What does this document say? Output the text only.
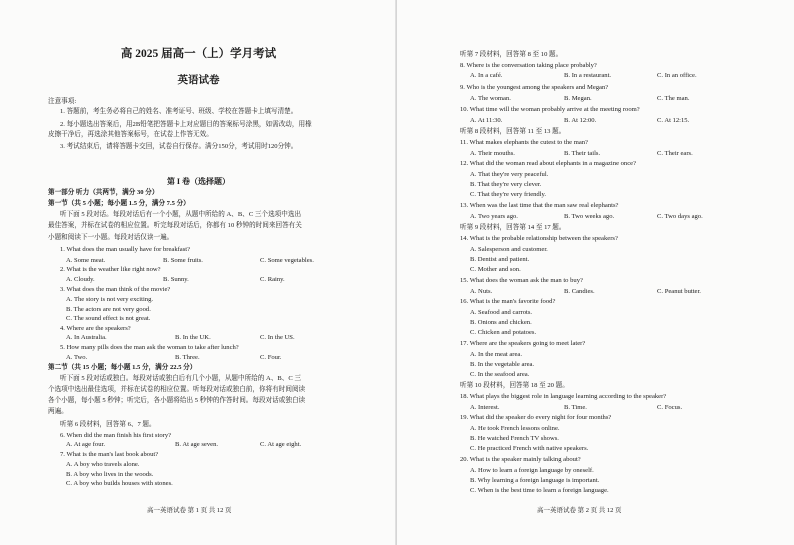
高 2025 届高一（上）学月考试
英语试卷
注意事项:
1. 答题前，考生务必将自己的姓名、准考证号、班级、学校在答题卡上填写清楚。
2. 每小题选出答案后，用2B铅笔把答题卡上对应题目的答案标号涂黑，如需改动，用橡
皮擦干净后，再选涂其他答案标号，在试卷上作答无效。
3. 考试结束后，请将答题卡交回，试卷自行保存。满分150分，考试用时120分钟。
第 I 卷（选择题）
第一部分 听力（共两节，满分 30 分）
第一节（共 5 小题；每小题 1.5 分，满分 7.5 分）
听下面 5 段对话。每段对话后有一个小题，从题中所给的 A、B、C 三个选项中选出
最佳答案，并标在试卷的相应位置。听完每段对话后，你都有 10 秒钟的时间来回答有关
小题和阅读下一小题。每段对话仅读一遍。
1. What does the man usually have for breakfast?
A. Some meat.	B. Some fruits.	C. Some vegetables.
2. What is the weather like right now?
A. Cloudy.	B. Sunny.	C. Rainy.
3. What does the man think of the movie?
A. The story is not very exciting.
B. The actors are not very good.
C. The sound effect is not great.
4. Where are the speakers?
A. In Australia.	B. In the UK.	C. In the US.
5. How many pills does the man ask the woman to take after lunch?
A. Two.	B. Three.	C. Four.
第二节（共 15 小题；每小题 1.5 分，满分 22.5 分）
听下面 5 段对话或独白。每段对话或独白后有几个小题，从题中所给的 A、B、C 三
个选项中选出最佳选项，并标在试卷的相应位置。听每段对话或独白前，你将有时间阅读
各个小题，每小题 5 秒钟；听完后，各小题将给出 5 秒钟的作答时间。每段对话或独白读
两遍。
听第 6 段材料，回答第 6、7 题。
6. When did the man finish his first story?
A. At age four.	B. At age seven.	C. At age eight.
7. What is the man's last book about?
A. A boy who travels alone.
B. A boy who lives in the woods.
C. A boy who builds houses with stones.
高一英语试卷 第 1 页 共 12 页
听第 7 段材料，回答第 8 至 10 题。
8. Where is the conversation taking place probably?
A. In a café.	B. In a restaurant.	C. In an office.
9. Who is the youngest among the speakers and Megan?
A. The woman.	B. Megan.	C. The man.
10. What time will the woman probably arrive at the meeting room?
A. At 11:30.	B. At 12:00.	C. At 12:15.
听第 8 段材料，回答第 11 至 13 题。
11. What makes elephants the cutest to the man?
A. Their mouths.	B. Their tails.	C. Their ears.
12. What did the woman read about elephants in a magazine once?
A. That they're very peaceful.
B. That they're very clever.
C. That they're very friendly.
13. When was the last time that the man saw real elephants?
A. Two years ago.	B. Two weeks ago.	C. Two days ago.
听第 9 段材料，回答第 14 至 17 题。
14. What is the probable relationship between the speakers?
A. Salesperson and customer.
B. Dentist and patient.
C. Mother and son.
15. What does the woman ask the man to buy?
A. Nuts.	B. Candies.	C. Peanut butter.
16. What is the man's favorite food?
A. Seafood and carrots.
B. Onions and chicken.
C. Chicken and potatoes.
17. Where are the speakers going to meet later?
A. In the meat area.
B. In the vegetable area.
C. In the seafood area.
听第 10 段材料，回答第 18 至 20 题。
18. What plays the biggest role in language learning according to the speaker?
A. Interest.	B. Time.	C. Focus.
19. What did the speaker do every night for four months?
A. He took French lessons online.
B. He watched French TV shows.
C. He practiced French with native speakers.
20. What is the speaker mainly talking about?
A. How to learn a foreign language by oneself.
B. Why learning a foreign language is important.
C. When is the best time to learn a foreign language.
高一英语试卷 第 2 页 共 12 页
